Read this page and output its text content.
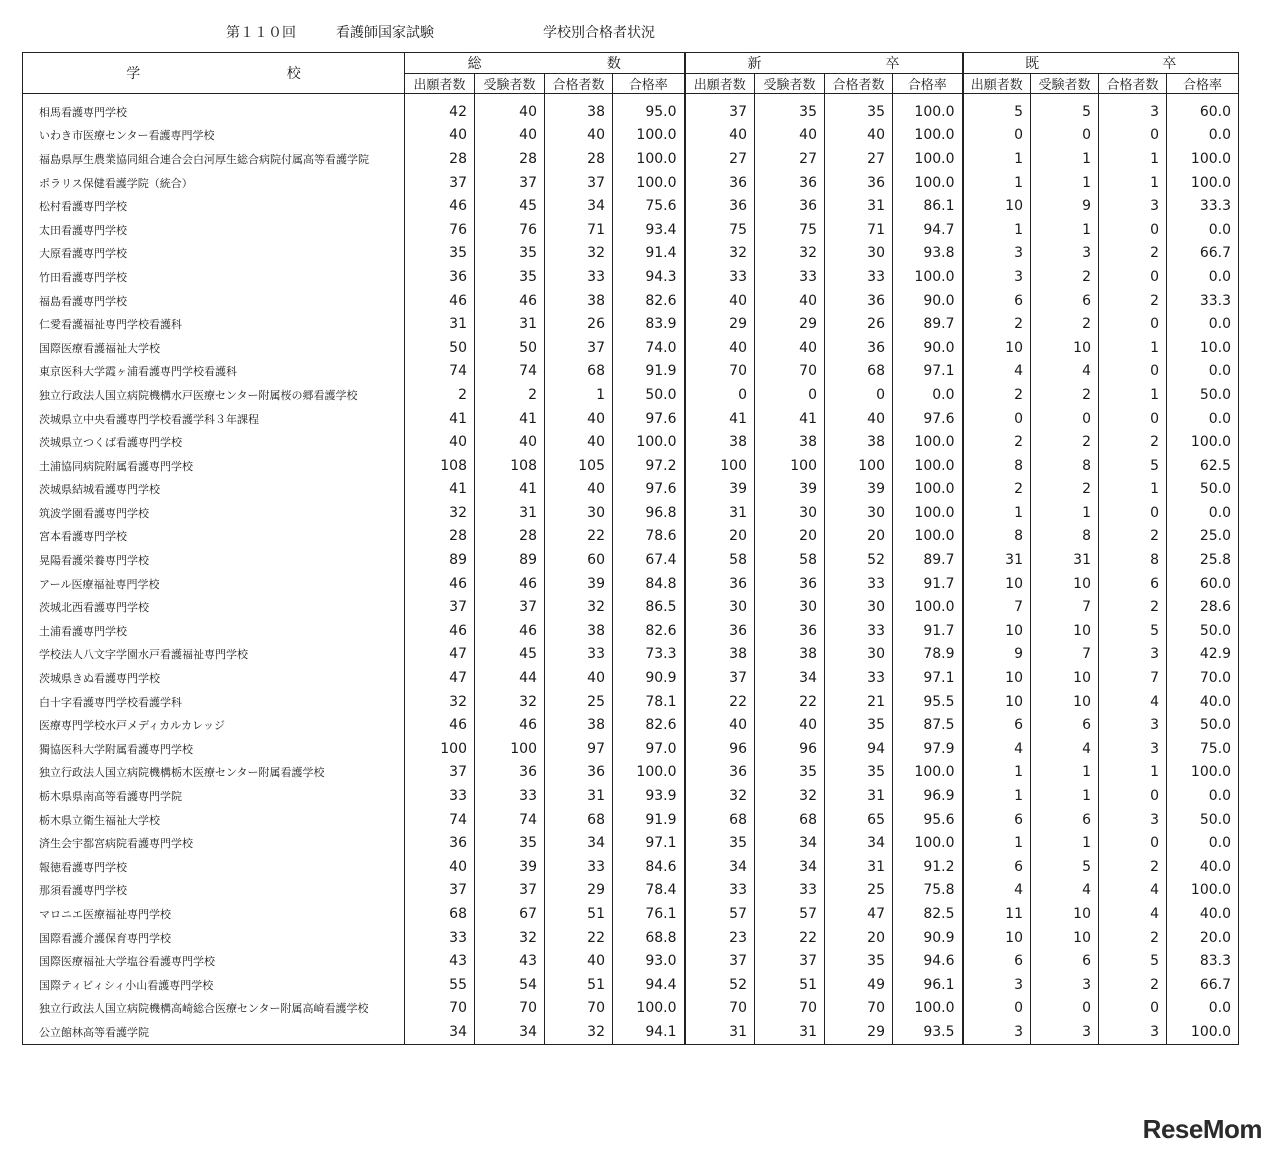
第１１０回	看護師国家試験	学校別合格者状況
学 校	総 数				新 卒				既 卒			

	出願者数	受験者数	合格者数	合格率	出願者数	受験者数	合格者数	合格率	出願者数	受験者数	合格者数	合格率
相馬看護専門学校	42	40	38	95.0	37	35	35	100.0	5	5	3	60.0
いわき市医療センター看護専門学校	40	40	40	100.0	40	40	40	100.0	0	0	0	0.0
福島県厚生農業協同組合連合会白河厚生総合病院付属高等看護学院	28	28	28	100.0	27	27	27	100.0	1	1	1	100.0
ポラリス保健看護学院（統合）	37	37	37	100.0	36	36	36	100.0	1	1	1	100.0
松村看護専門学校	46	45	34	75.6	36	36	31	86.1	10	9	3	33.3
太田看護専門学校	76	76	71	93.4	75	75	71	94.7	1	1	0	0.0
大原看護専門学校	35	35	32	91.4	32	32	30	93.8	3	3	2	66.7
竹田看護専門学校	36	35	33	94.3	33	33	33	100.0	3	2	0	0.0
福島看護専門学校	46	46	38	82.6	40	40	36	90.0	6	6	2	33.3
仁愛看護福祉専門学校看護科	31	31	26	83.9	29	29	26	89.7	2	2	0	0.0
国際医療看護福祉大学校	50	50	37	74.0	40	40	36	90.0	10	10	1	10.0
東京医科大学霞ヶ浦看護専門学校看護科	74	74	68	91.9	70	70	68	97.1	4	4	0	0.0
独立行政法人国立病院機構水戸医療センター附属桜の郷看護学校	2	2	1	50.0	0	0	0	0.0	2	2	1	50.0
茨城県立中央看護専門学校看護学科３年課程	41	41	40	97.6	41	41	40	97.6	0	0	0	0.0
茨城県立つくば看護専門学校	40	40	40	100.0	38	38	38	100.0	2	2	2	100.0
土浦協同病院附属看護専門学校	108	108	105	97.2	100	100	100	100.0	8	8	5	62.5
茨城県結城看護専門学校	41	41	40	97.6	39	39	39	100.0	2	2	1	50.0
筑波学園看護専門学校	32	31	30	96.8	31	30	30	100.0	1	1	0	0.0
宮本看護専門学校	28	28	22	78.6	20	20	20	100.0	8	8	2	25.0
晃陽看護栄養専門学校	89	89	60	67.4	58	58	52	89.7	31	31	8	25.8
アール医療福祉専門学校	46	46	39	84.8	36	36	33	91.7	10	10	6	60.0
茨城北西看護専門学校	37	37	32	86.5	30	30	30	100.0	7	7	2	28.6
土浦看護専門学校	46	46	38	82.6	36	36	33	91.7	10	10	5	50.0
学校法人八文字学園水戸看護福祉専門学校	47	45	33	73.3	38	38	30	78.9	9	7	3	42.9
茨城県きぬ看護専門学校	47	44	40	90.9	37	34	33	97.1	10	10	7	70.0
白十字看護専門学校看護学科	32	32	25	78.1	22	22	21	95.5	10	10	4	40.0
医療専門学校水戸メディカルカレッジ	46	46	38	82.6	40	40	35	87.5	6	6	3	50.0
獨協医科大学附属看護専門学校	100	100	97	97.0	96	96	94	97.9	4	4	3	75.0
独立行政法人国立病院機構栃木医療センター附属看護学校	37	36	36	100.0	36	35	35	100.0	1	1	1	100.0
栃木県県南高等看護専門学院	33	33	31	93.9	32	32	31	96.9	1	1	0	0.0
栃木県立衛生福祉大学校	74	74	68	91.9	68	68	65	95.6	6	6	3	50.0
済生会宇都宮病院看護専門学校	36	35	34	97.1	35	34	34	100.0	1	1	0	0.0
報徳看護専門学校	40	39	33	84.6	34	34	31	91.2	6	5	2	40.0
那須看護専門学校	37	37	29	78.4	33	33	25	75.8	4	4	4	100.0
マロニエ医療福祉専門学校	68	67	51	76.1	57	57	47	82.5	11	10	4	40.0
国際看護介護保育専門学校	33	32	22	68.8	23	22	20	90.9	10	10	2	20.0
国際医療福祉大学塩谷看護専門学校	43	43	40	93.0	37	37	35	94.6	6	6	5	83.3
国際ティビィシィ小山看護専門学校	55	54	51	94.4	52	51	49	96.1	3	3	2	66.7
独立行政法人国立病院機構高崎総合医療センター附属高崎看護学校	70	70	70	100.0	70	70	70	100.0	0	0	0	0.0
公立館林高等看護学院	34	34	32	94.1	31	31	29	93.5	3	3	3	100.0
ReseMom
